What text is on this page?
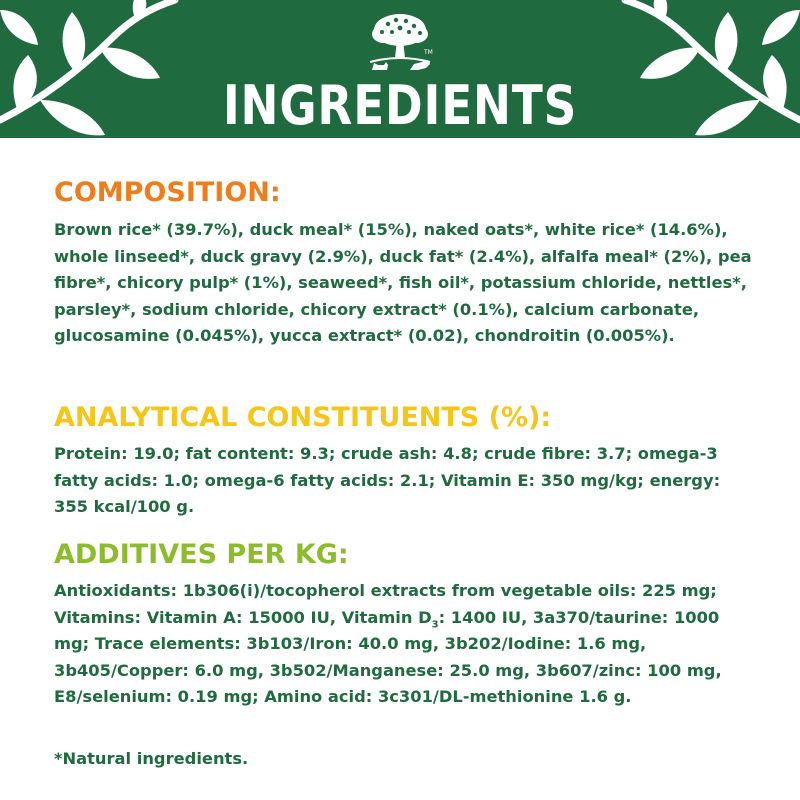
TM
INGREDIENTS
COMPOSITION:

Brown rice* (39.7%), duck meal* (15%), naked oats*, white rice* (14.6%), whole linseed*, duck gravy (2.9%), duck fat* (2.4%), alfalfa meal* (2%), pea fibre*, chicory pulp* (1%), seaweed*, fish oil*, potassium chloride, nettles*, parsley*, sodium chloride, chicory extract* (0.1%), calcium carbonate, glucosamine (0.045%), yucca extract* (0.02), chondroitin (0.005%).

ANALYTICAL CONSTITUENTS (%):

Protein: 19.0; fat content: 9.3; crude ash: 4.8; crude fibre: 3.7; omega-3 fatty acids: 1.0; omega-6 fatty acids: 2.1; Vitamin E: 350 mg/kg; energy: 355 kcal/100 g.

ADDITIVES PER KG:

Antioxidants: 1b306(i)/tocopherol extracts from vegetable oils: 225 mg; Vitamins: Vitamin A: 15000 IU, Vitamin $D_3$: 1400 IU, 3a370/taurine: 1000 mg; Trace elements: 3b103/Iron: 40.0 mg, 3b202/Iodine: 1.6 mg, 3b405/Copper: 6.0 mg, 3b502/Manganese: 25.0 mg, 3b607/zinc: 100 mg, E8/selenium: 0.19 mg; Amino acid: 3c301/DL-methionine 1.6 g.

*Natural ingredients.
